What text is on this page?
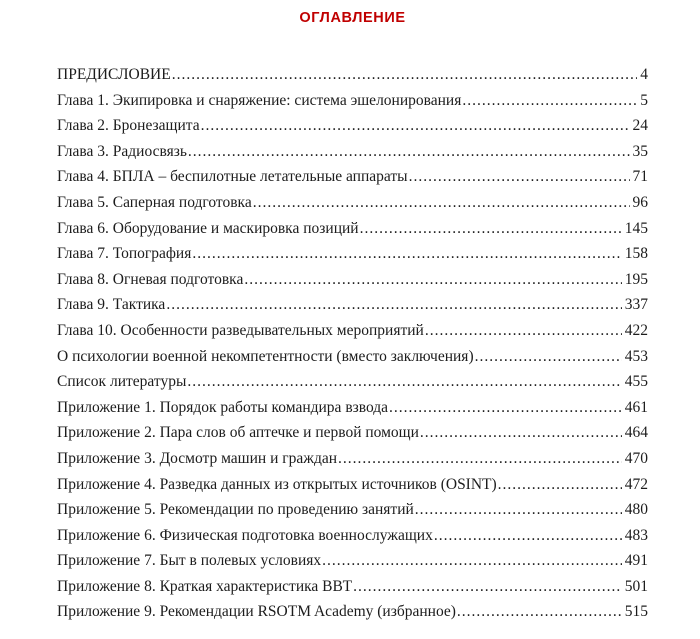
ОГЛАВЛЕНИЕ
ПРЕДИСЛОВИЕ .....	4
Глава 1. Экипировка и снаряжение: система эшелонирования .....	5
Глава 2. Бронезащита .....	24
Глава 3. Радиосвязь .....	35
Глава 4. БПЛА – беспилотные летательные аппараты .....	71
Глава 5. Саперная подготовка .....	96
Глава 6. Оборудование и маскировка позиций .....	145
Глава 7. Топография .....	158
Глава 8. Огневая подготовка .....	195
Глава 9. Тактика .....	337
Глава 10. Особенности разведывательных мероприятий .....	422
О психологии военной некомпетентности (вместо заключения) .....	453
Список литературы .....	455
Приложение 1. Порядок работы командира взвода .....	461
Приложение 2. Пара слов об аптечке и первой помощи .....	464
Приложение 3. Досмотр машин и граждан .....	470
Приложение 4. Разведка данных из открытых источников (OSINT) .....	472
Приложение 5. Рекомендации по проведению занятий .....	480
Приложение 6. Физическая подготовка военнослужащих .....	483
Приложение 7. Быт в полевых условиях .....	491
Приложение 8. Краткая характеристика ВВТ .....	501
Приложение 9. Рекомендации RSOTM Academy (избранное) .....	515
